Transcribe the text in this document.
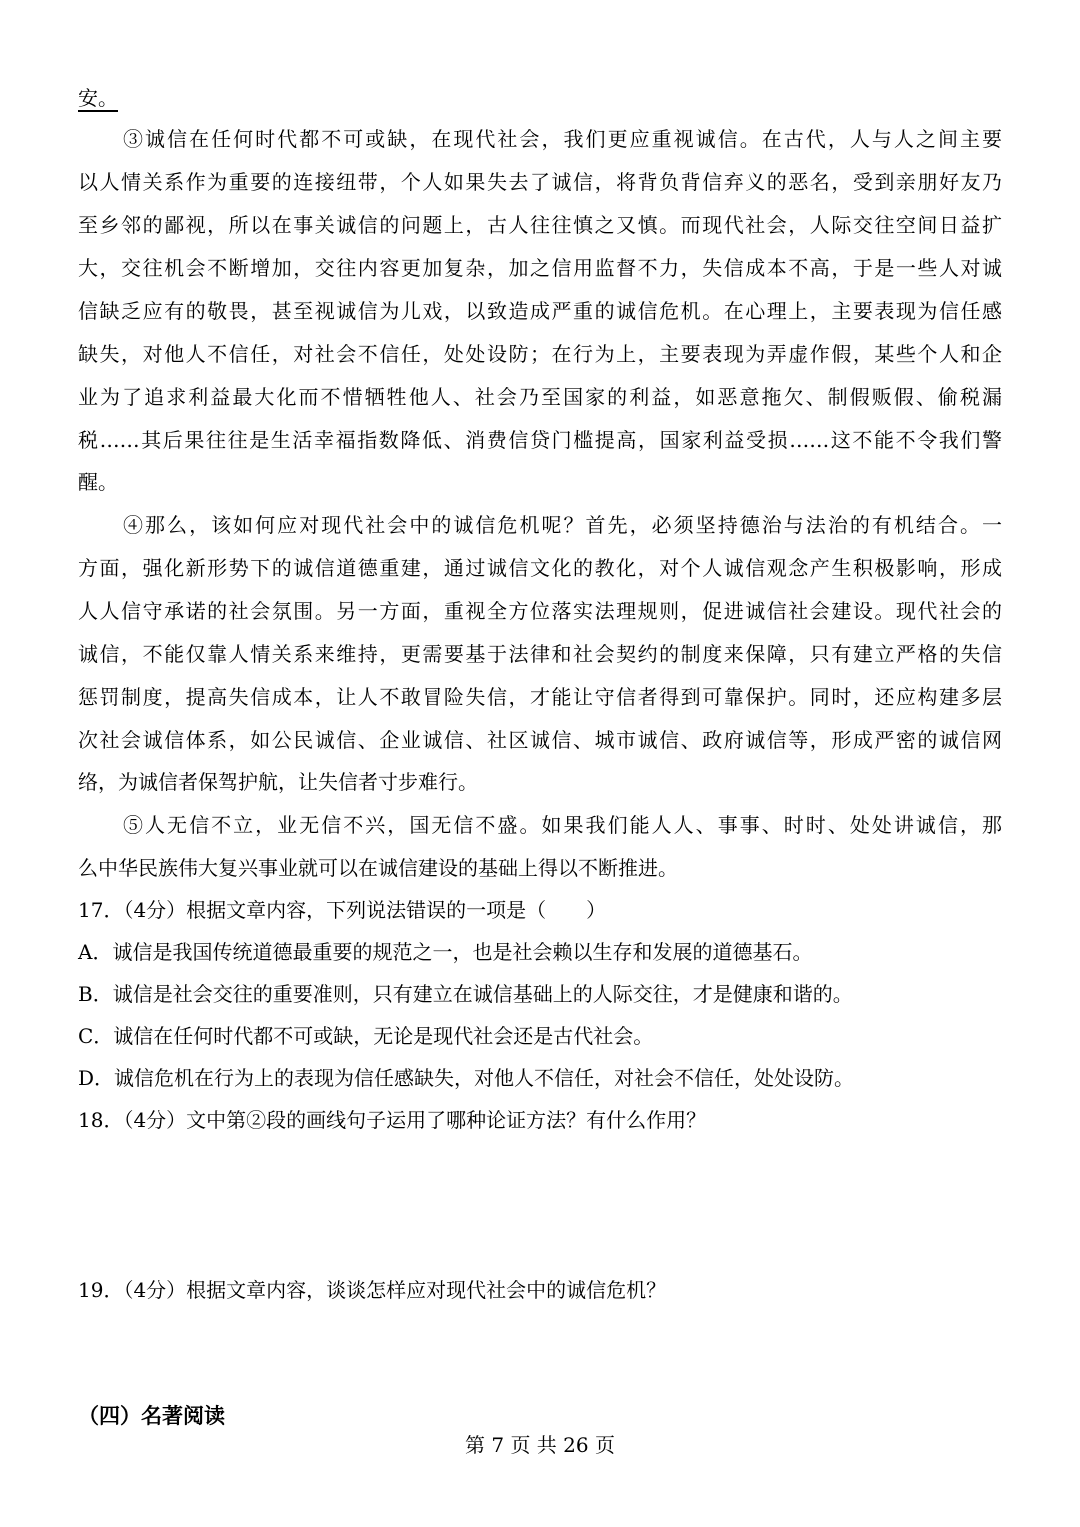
安。
③诚信在任何时代都不可或缺，在现代社会，我们更应重视诚信。在古代，人与人之间主要
以人情关系作为重要的连接纽带，个人如果失去了诚信，将背负背信弃义的恶名，受到亲朋好友乃
至乡邻的鄙视，所以在事关诚信的问题上，古人往往慎之又慎。而现代社会，人际交往空间日益扩
大，交往机会不断增加，交往内容更加复杂，加之信用监督不力，失信成本不高，于是一些人对诚
信缺乏应有的敬畏，甚至视诚信为儿戏，以致造成严重的诚信危机。在心理上，主要表现为信任感
缺失，对他人不信任，对社会不信任，处处设防；在行为上，主要表现为弄虚作假，某些个人和企
业为了追求利益最大化而不惜牺牲他人、社会乃至国家的利益，如恶意拖欠、制假贩假、偷税漏
税……其后果往往是生活幸福指数降低、消费信贷门槛提高，国家利益受损……这不能不令我们警
醒。
④那么，该如何应对现代社会中的诚信危机呢？首先，必须坚持德治与法治的有机结合。一
方面，强化新形势下的诚信道德重建，通过诚信文化的教化，对个人诚信观念产生积极影响，形成
人人信守承诺的社会氛围。另一方面，重视全方位落实法理规则，促进诚信社会建设。现代社会的
诚信，不能仅靠人情关系来维持，更需要基于法律和社会契约的制度来保障，只有建立严格的失信
惩罚制度，提高失信成本，让人不敢冒险失信，才能让守信者得到可靠保护。同时，还应构建多层
次社会诚信体系，如公民诚信、企业诚信、社区诚信、城市诚信、政府诚信等，形成严密的诚信网
络，为诚信者保驾护航，让失信者寸步难行。
⑤人无信不立，业无信不兴，国无信不盛。如果我们能人人、事事、时时、处处讲诚信，那
么中华民族伟大复兴事业就可以在诚信建设的基础上得以不断推进。
17．（4分）根据文章内容，下列说法错误的一项是（　　）
A．诚信是我国传统道德最重要的规范之一，也是社会赖以生存和发展的道德基石。
B．诚信是社会交往的重要准则，只有建立在诚信基础上的人际交往，才是健康和谐的。
C．诚信在任何时代都不可或缺，无论是现代社会还是古代社会。
D．诚信危机在行为上的表现为信任感缺失，对他人不信任，对社会不信任，处处设防。
18．（4分）文中第②段的画线句子运用了哪种论证方法？有什么作用？
19．（4分）根据文章内容，谈谈怎样应对现代社会中的诚信危机？
（四）名著阅读
第 7 页 共 26 页
